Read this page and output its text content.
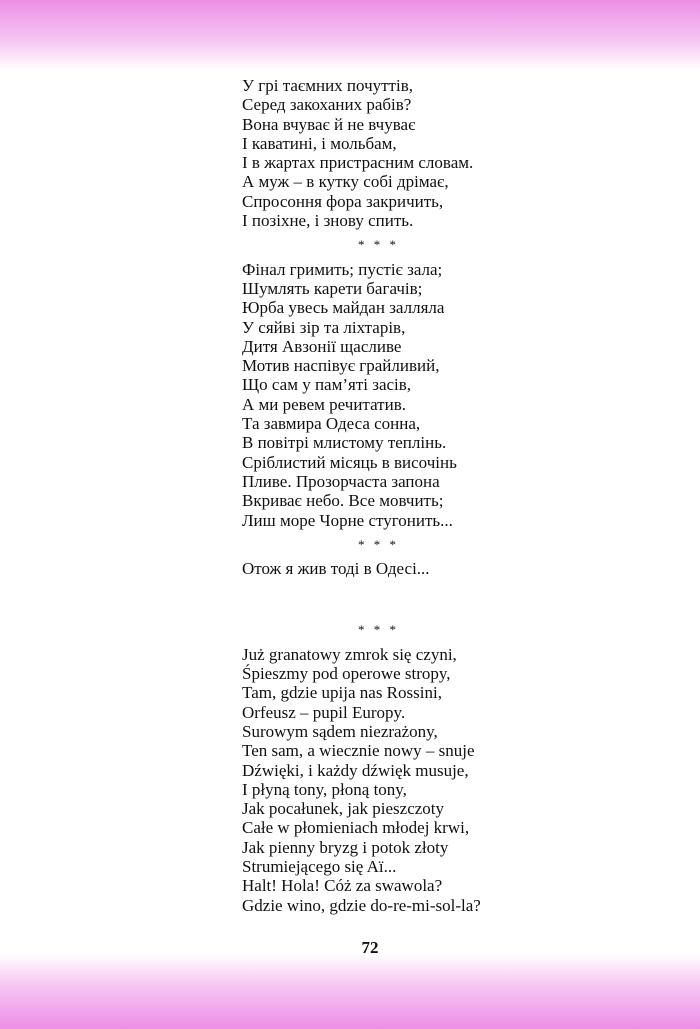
У грі таємних почуттів,
Серед закоханих рабів?
Вона вчуває й не вчуває
І каватині, і мольбам,
І в жартах пристрасним словам.
А муж – в кутку собі дрімає,
Спросоння фора закричить,
І позіхне, і знову спить.
* * *
Фінал гримить; пустіє зала;
Шумлять карети багачів;
Юрба увесь майдан залляла
У сяйві зір та ліхтарів,
Дитя Авзонії щасливе
Мотив наспівує грайливий,
Що сам у пам’яті засів,
А ми ревем речитатив.
Та завмира Одеса сонна,
В повітрі млистому теплінь.
Сріблистий місяць в височінь
Пливе. Прозорчаста запона
Вкриває небо. Все мовчить;
Лиш море Чорне стугонить...
* * *
Отож я жив тоді в Одесі...
* * *
Już granatowy zmrok się czyni,
Śpieszmy pod operowe stropy,
Tam, gdzie upija nas Rossini,
Orfeusz – pupil Europy.
Surowym sądem niezrażony,
Ten sam, a wiecznie nowy – snuje
Dźwięki, i każdy dźwięk musuje,
I płyną tony, płoną tony,
Jak pocałunek, jak pieszczoty
Całe w płomieniach młodej krwi,
Jak pienny bryzg i potok złoty
Strumiejącego się Aï...
Halt! Hola! Cóż za swawola?
Gdzie wino, gdzie do-re-mi-sol-la?
72
